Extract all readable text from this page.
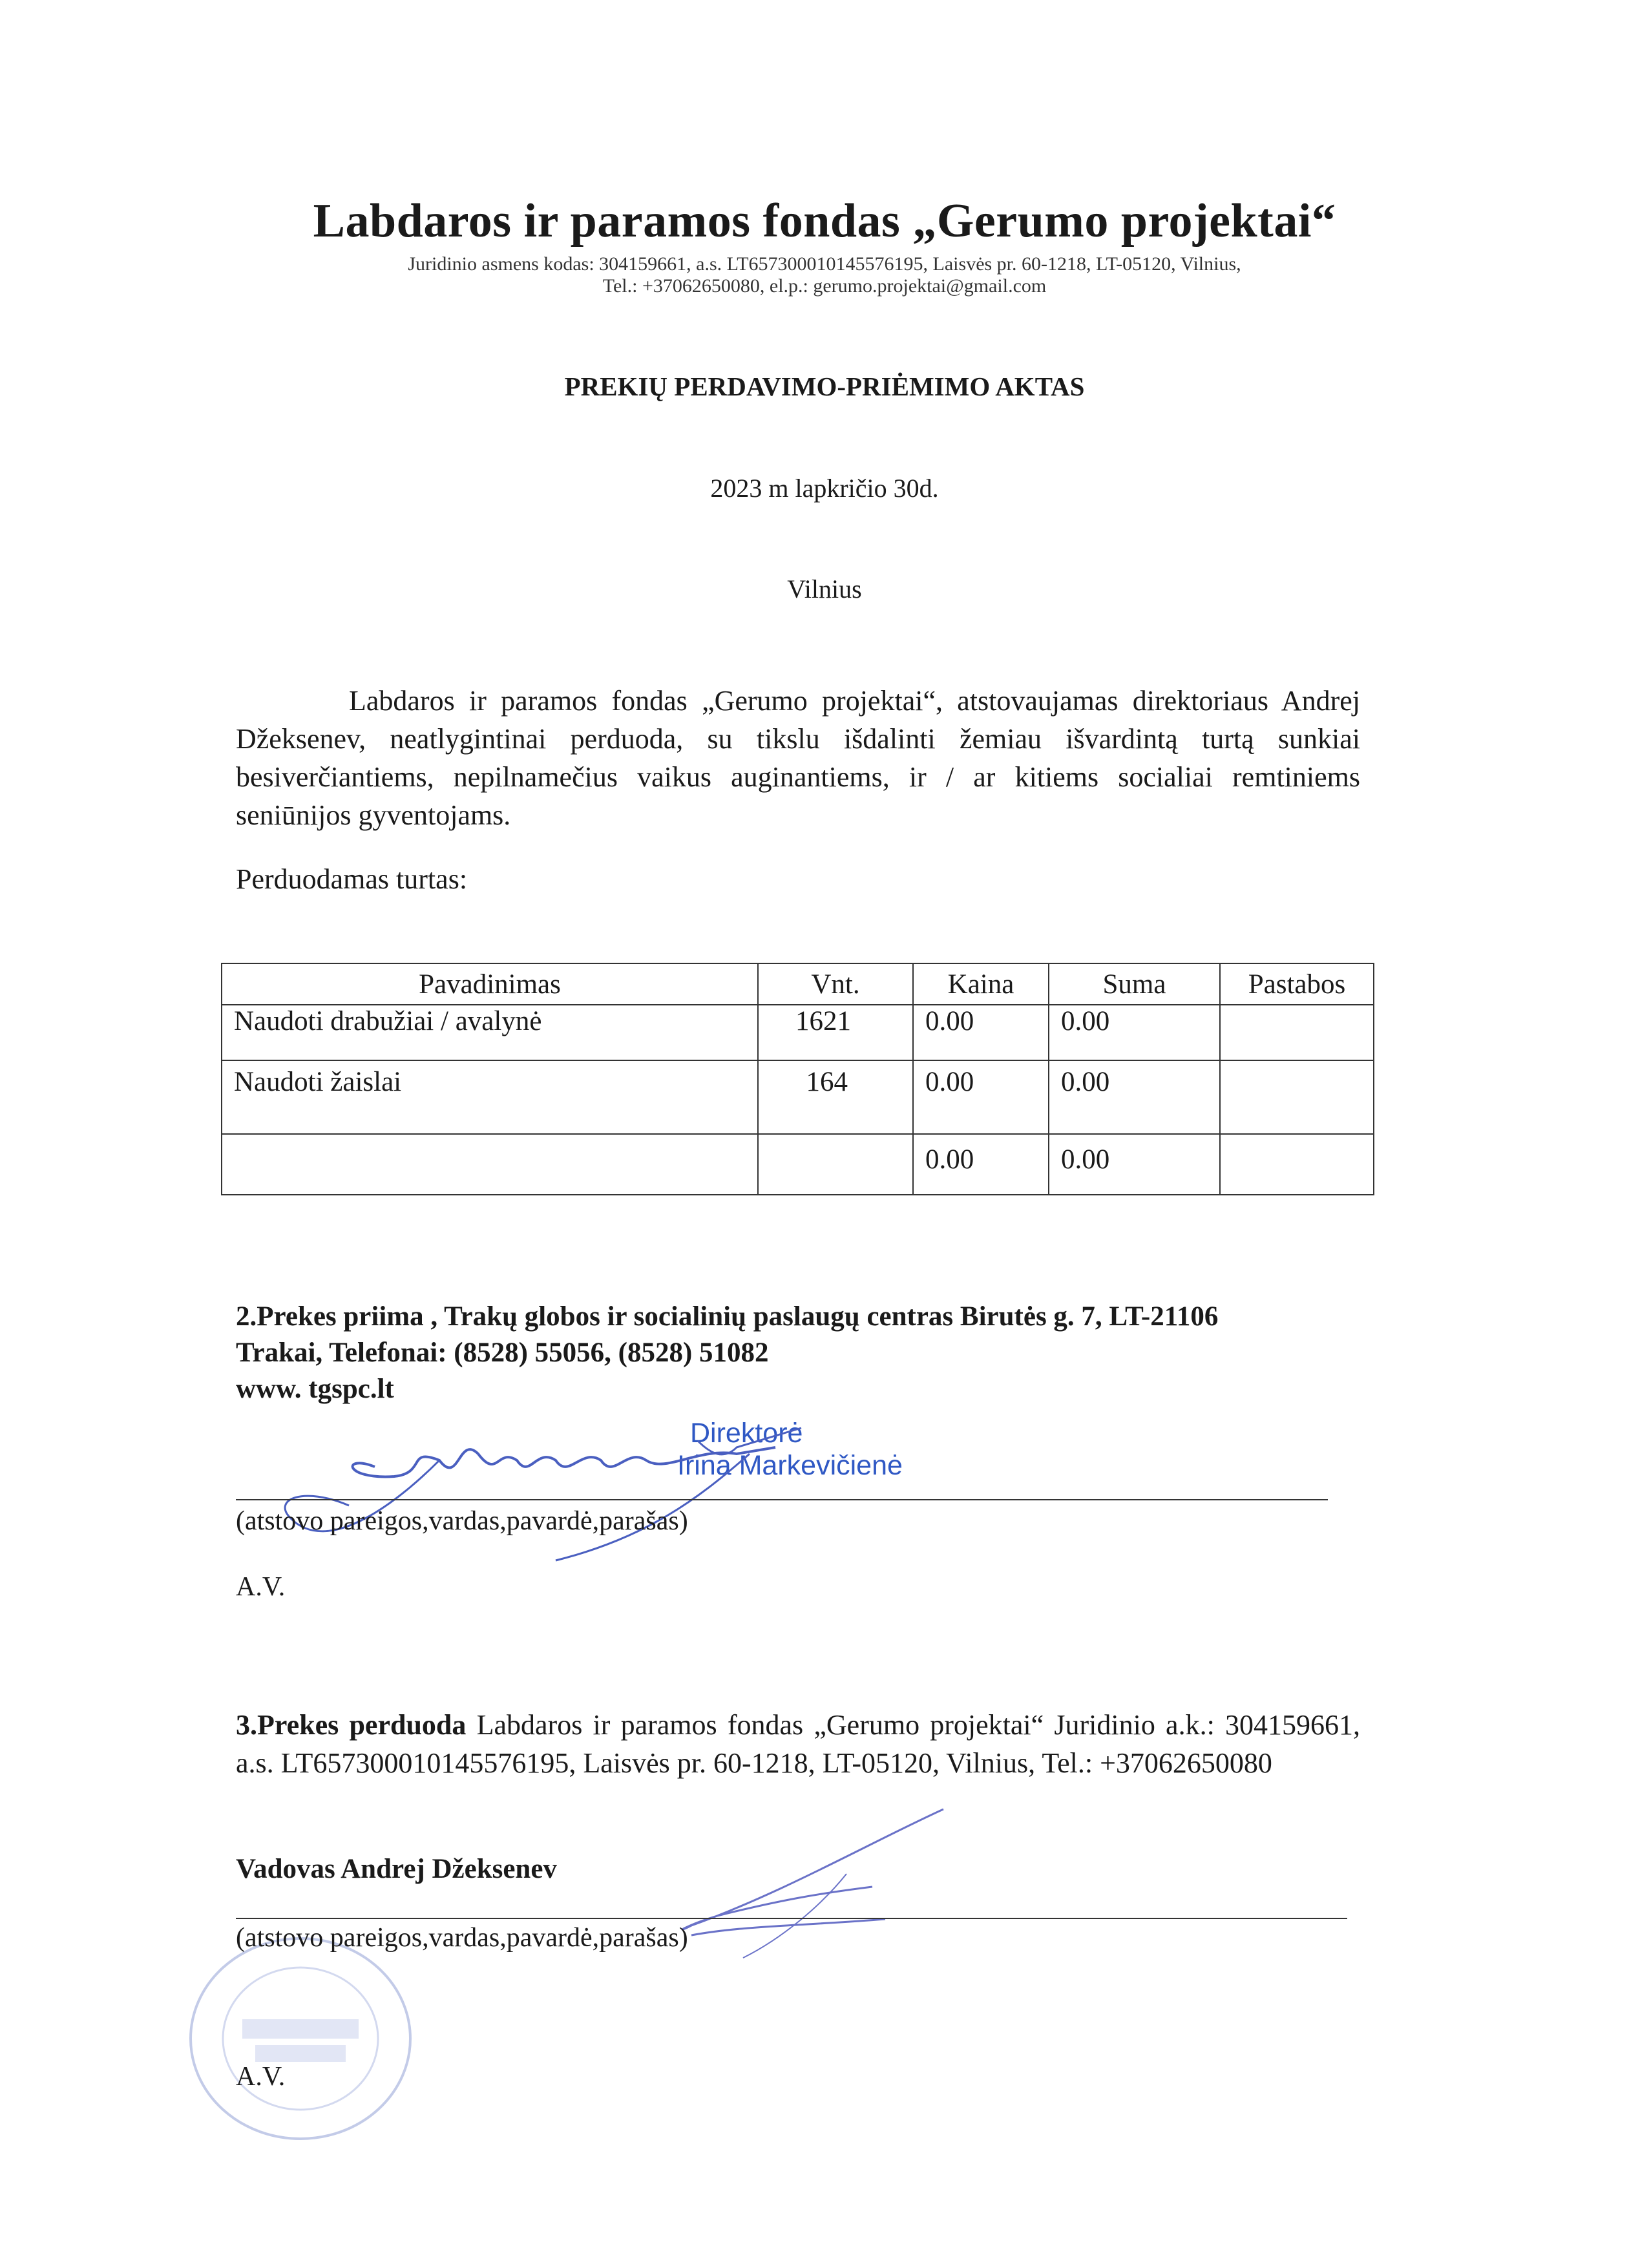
Labdaros ir paramos fondas „Gerumo projektai“
Juridinio asmens kodas: 304159661, a.s. LT657300010145576195, Laisvės pr. 60-1218, LT-05120, Vilnius,
Tel.: +37062650080, el.p.: gerumo.projektai@gmail.com
PREKIŲ PERDAVIMO-PRIĖMIMO AKTAS
2023 m lapkričio 30d.
Vilnius
Labdaros ir paramos fondas „Gerumo projektai“, atstovaujamas direktoriaus Andrej Džeksenev, neatlygintinai perduoda, su tikslu išdalinti žemiau išvardintą turtą sunkiai besiverčiantiems, nepilnamečius vaikus auginantiems, ir / ar kitiems socialiai remtiniems seniūnijos gyventojams.
Perduodamas turtas:
Pavadinimas	Vnt.	Kaina	Suma	Pastabos
Naudoti drabužiai / avalynė	1621	0.00	0.00	
Naudoti žaislai	164	0.00	0.00	
		0.00	0.00	
2.Prekes priima , Trakų globos ir socialinių paslaugų centras Birutės g. 7, LT-21106
Trakai, Telefonai: (8528) 55056, (8528) 51082
www. tgspc.lt
Direktorė
Irina Markevičienė
(atstovo pareigos,vardas,pavardė,parašas)
A.V.
3.Prekes perduoda Labdaros ir paramos fondas „Gerumo projektai“ Juridinio a.k.: 304159661, a.s. LT657300010145576195, Laisvės pr. 60-1218, LT-05120, Vilnius, Tel.: +37062650080
Vadovas Andrej Džeksenev
(atstovo pareigos,vardas,pavardė,parašas)
A.V.
